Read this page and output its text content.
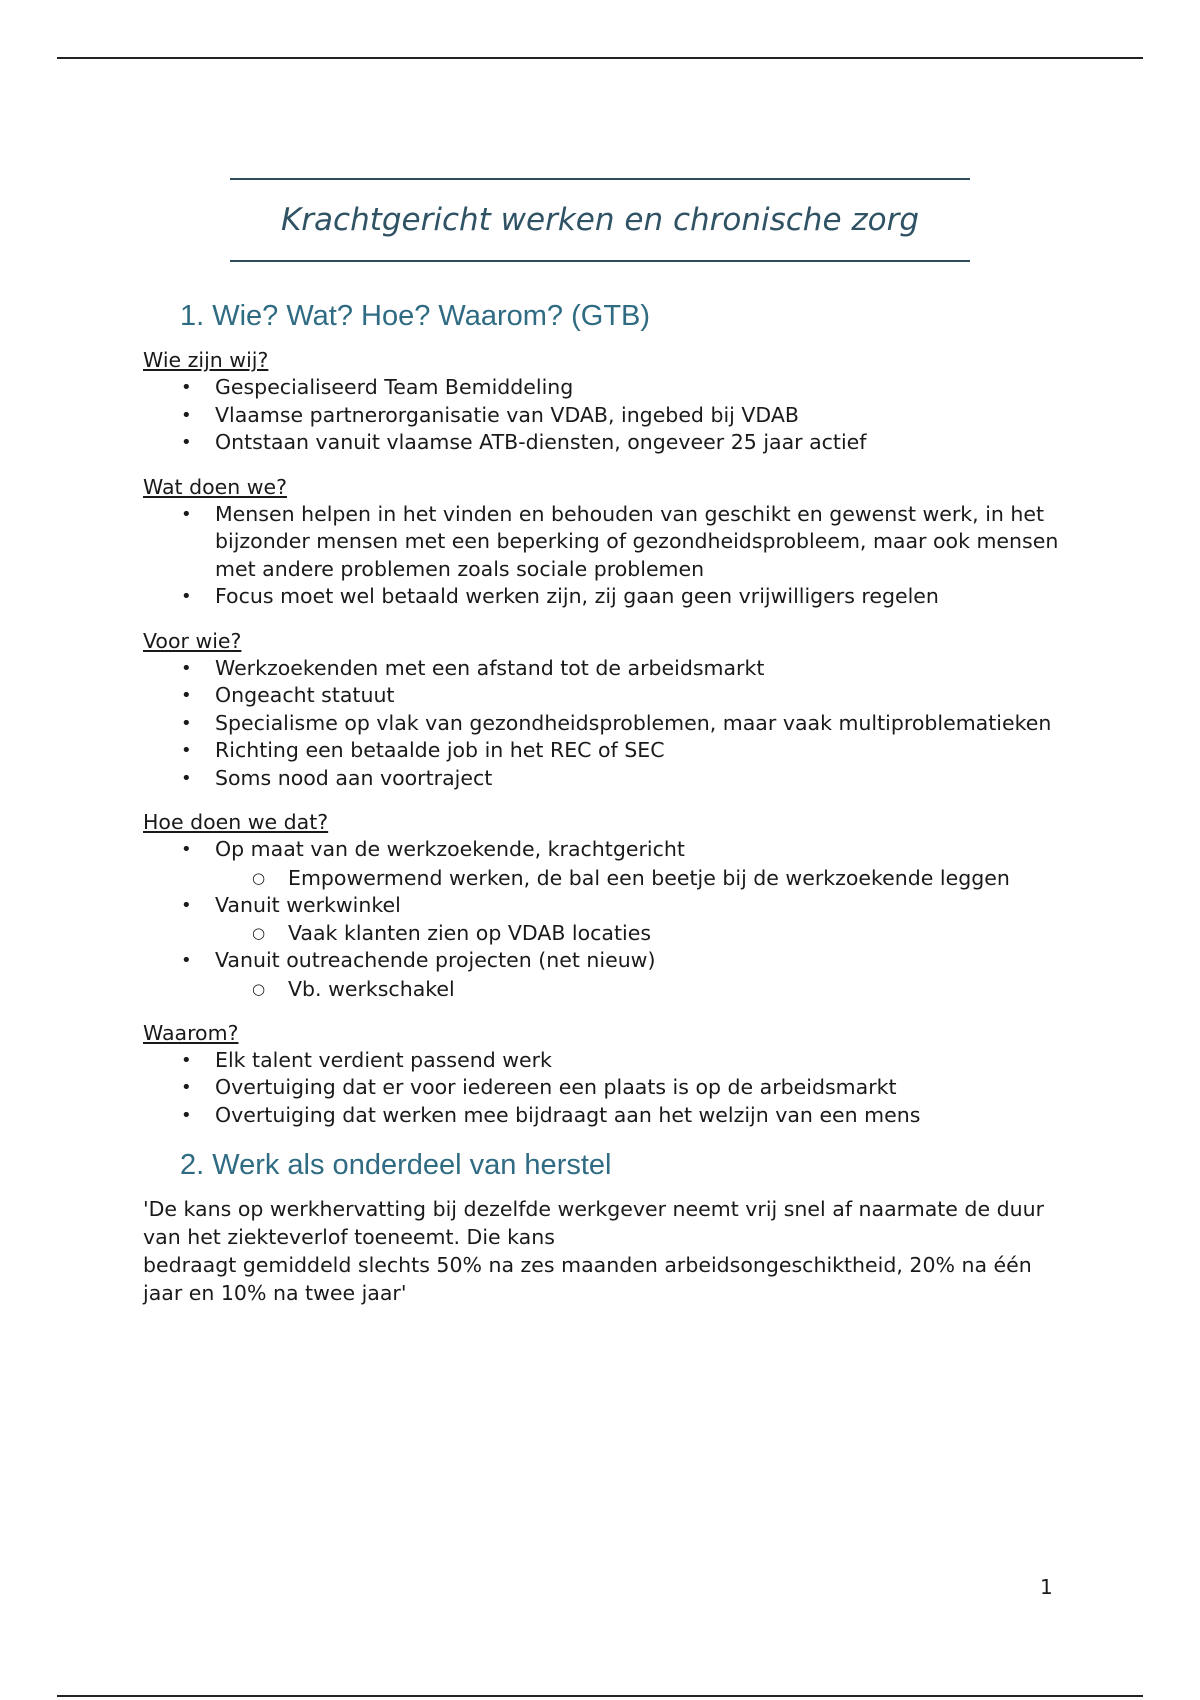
Krachtgericht werken en chronische zorg
1. Wie? Wat? Hoe? Waarom? (GTB)

Wie zijn wij?

• Gespecialiseerd Team Bemiddeling
• Vlaamse partnerorganisatie van VDAB, ingebed bij VDAB
• Ontstaan vanuit vlaamse ATB-diensten, ongeveer 25 jaar actief

Wat doen we?

• Mensen helpen in het vinden en behouden van geschikt en gewenst werk, in het bijzonder mensen met een beperking of gezondheidsprobleem, maar ook mensen met andere problemen zoals sociale problemen
• Focus moet wel betaald werken zijn, zij gaan geen vrijwilligers regelen

Voor wie?

• Werkzoekenden met een afstand tot de arbeidsmarkt
• Ongeacht statuut
• Specialisme op vlak van gezondheidsproblemen, maar vaak multiproblematieken
• Richting een betaalde job in het REC of SEC
• Soms nood aan voortraject

Hoe doen we dat?

• Op maat van de werkzoekende, krachtgericht
○ Empowermend werken, de bal een beetje bij de werkzoekende leggen
• Vanuit werkwinkel
○ Vaak klanten zien op VDAB locaties
• Vanuit outreachende projecten (net nieuw)
○ Vb. werkschakel

Waarom?

• Elk talent verdient passend werk
• Overtuiging dat er voor iedereen een plaats is op de arbeidsmarkt
• Overtuiging dat werken mee bijdraagt aan het welzijn van een mens
2. Werk als onderdeel van herstel
'De kans op werkhervatting bij dezelfde werkgever neemt vrij snel af naarmate de duur van het ziekteverlof toeneemt. Die kans
bedraagt gemiddeld slechts 50% na zes maanden arbeidsongeschiktheid, 20% na één jaar en 10% na twee jaar'
1
